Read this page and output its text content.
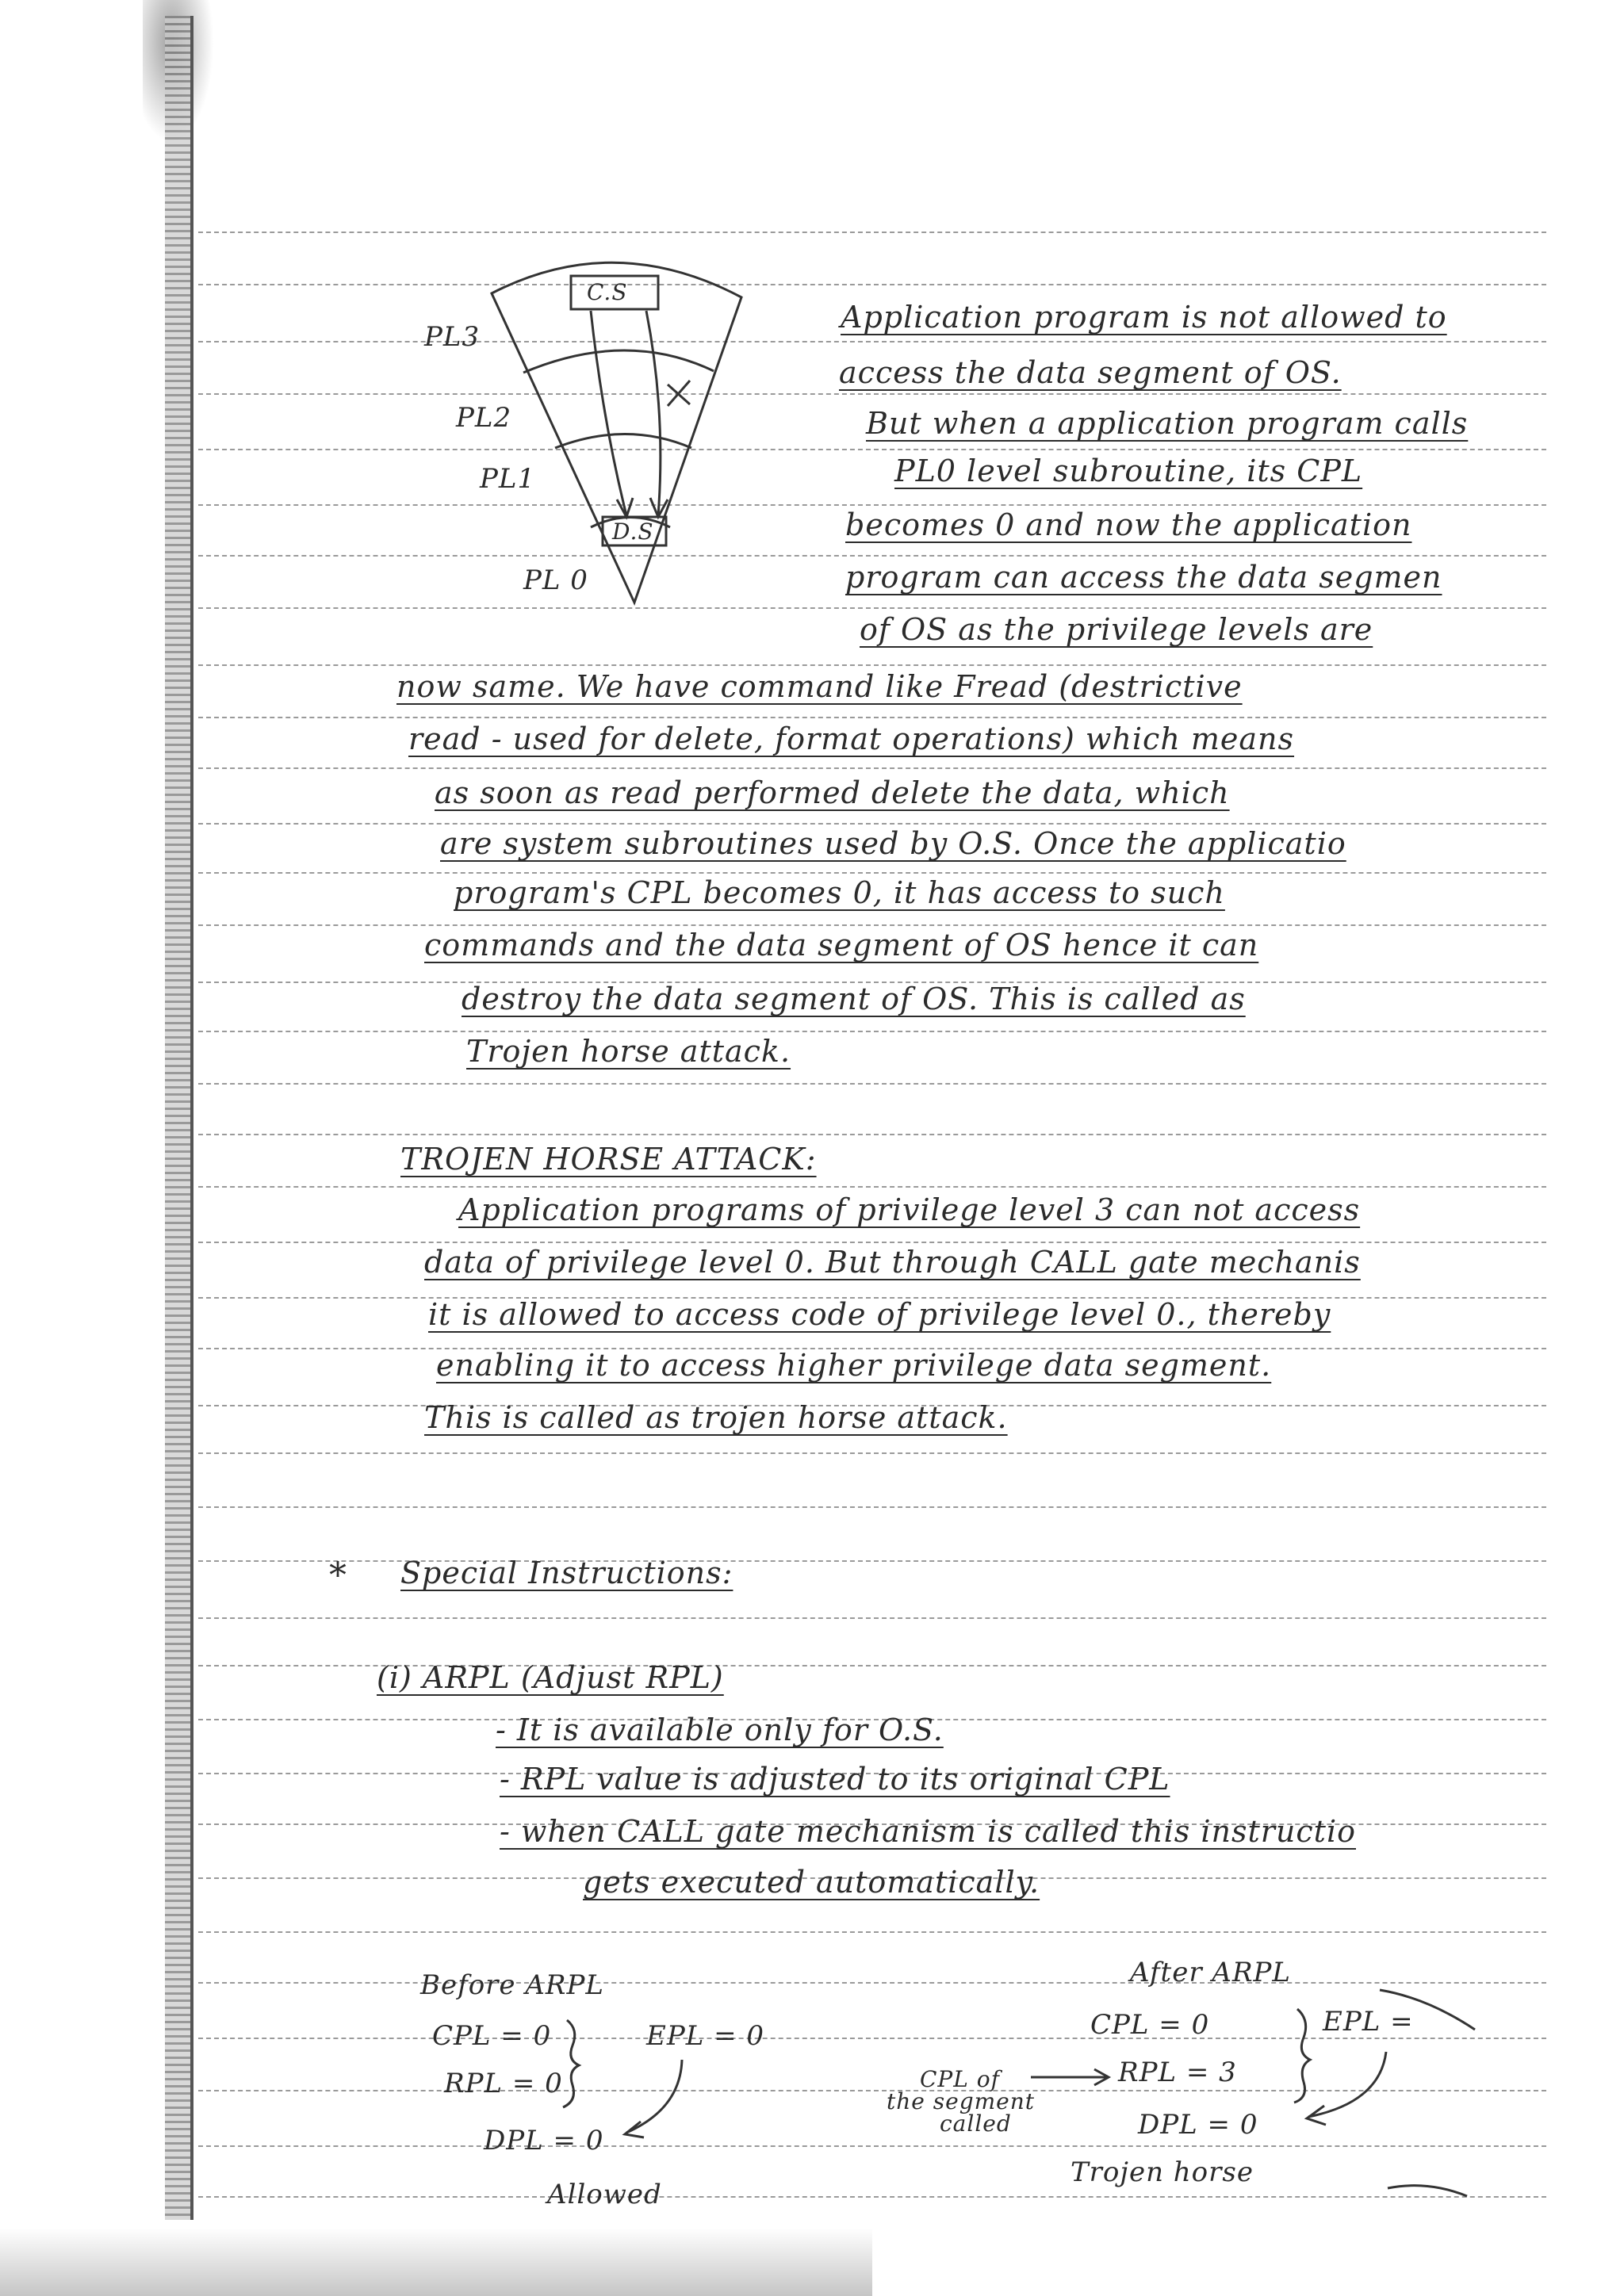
C.S
D.S
PL3
PL2
PL1
PL 0
Application program is not allowed to
access the data segment of OS.
But when a application program calls
PL0 level subroutine, its CPL
becomes 0 and now the application
program can access the data segmen
of OS as the privilege levels are
now same. We have command like Fread (destrictive
read - used for delete, format operations) which means
as soon as read performed delete the data, which
are system subroutines used by O.S. Once the applicatio
program's CPL becomes 0, it has access to such
commands and the data segment of OS hence it can
destroy the data segment of OS. This is called as
Trojen horse attack.
TROJEN HORSE ATTACK:
Application programs of privilege level 3 can not access
data of privilege level 0. But through CALL gate mechanis
it is allowed to access code of privilege level 0., thereby
enabling it to access higher privilege data segment.
This is called as trojen horse attack.
* Special Instructions:
(i) ARPL (Adjust RPL)
- It is available only for O.S.
- RPL value is adjusted to its original CPL
- when CALL gate mechanism is called this instructio
gets executed automatically.
Before ARPL
CPL = 0
RPL = 0
EPL = 0
DPL = 0
Allowed
After ARPL
CPL = 0
RPL = 3
EPL =
DPL = 0
CPL of
the segment
called
Trojen horse
